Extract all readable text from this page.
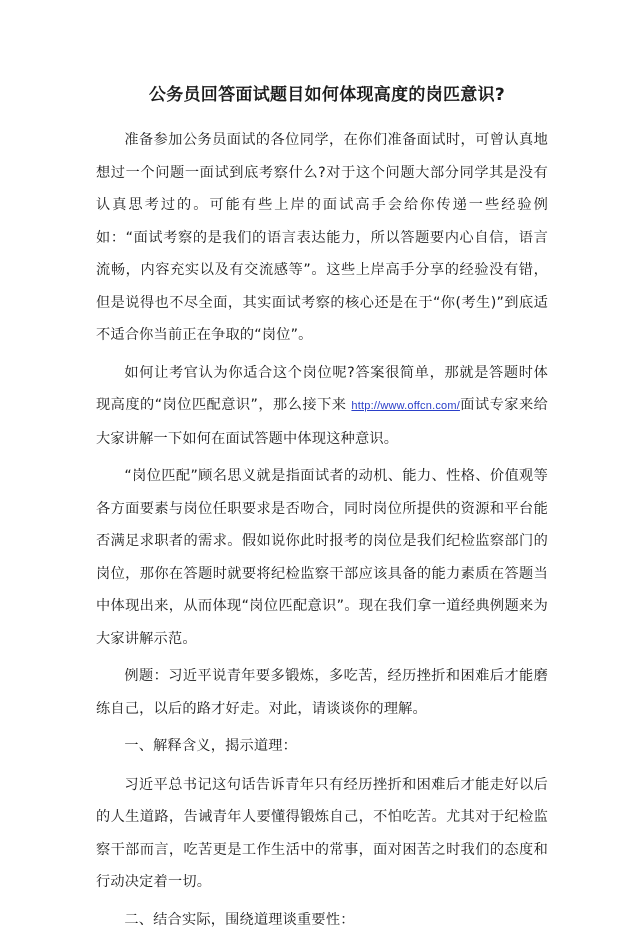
公务员回答面试题目如何体现高度的岗匹意识?

准备参加公务员面试的各位同学，在你们准备面试时，可曾认真地想过一个问题一面试到底考察什么?对于这个问题大部分同学其是没有认真思考过的。可能有些上岸的面试高手会给你传递一些经验例如：“面试考察的是我们的语言表达能力，所以答题要内心自信，语言流畅，内容充实以及有交流感等”。这些上岸高手分享的经验没有错，但是说得也不尽全面，其实面试考察的核心还是在于“你(考生)”到底适不适合你当前正在争取的“岗位”。

如何让考官认为你适合这个岗位呢?答案很简单，那就是答题时体现高度的“岗位匹配意识”，那么接下来 http://www.offcn.com/面试专家来给大家讲解一下如何在面试答题中体现这种意识。

“岗位匹配”顾名思义就是指面试者的动机、能力、性格、价值观等各方面要素与岗位任职要求是否吻合，同时岗位所提供的资源和平台能否满足求职者的需求。假如说你此时报考的岗位是我们纪检监察部门的岗位，那你在答题时就要将纪检监察干部应该具备的能力素质在答题当中体现出来，从而体现“岗位匹配意识”。现在我们拿一道经典例题来为大家讲解示范。

例题：习近平说青年要多锻炼，多吃苦，经历挫折和困难后才能磨练自己，以后的路才好走。对此，请谈谈你的理解。

一、解释含义，揭示道理：

习近平总书记这句话告诉青年只有经历挫折和困难后才能走好以后的人生道路，告诫青年人要懂得锻炼自己，不怕吃苦。尤其对于纪检监察干部而言，吃苦更是工作生活中的常事，面对困苦之时我们的态度和行动决定着一切。

二、结合实际，围绕道理谈重要性：
